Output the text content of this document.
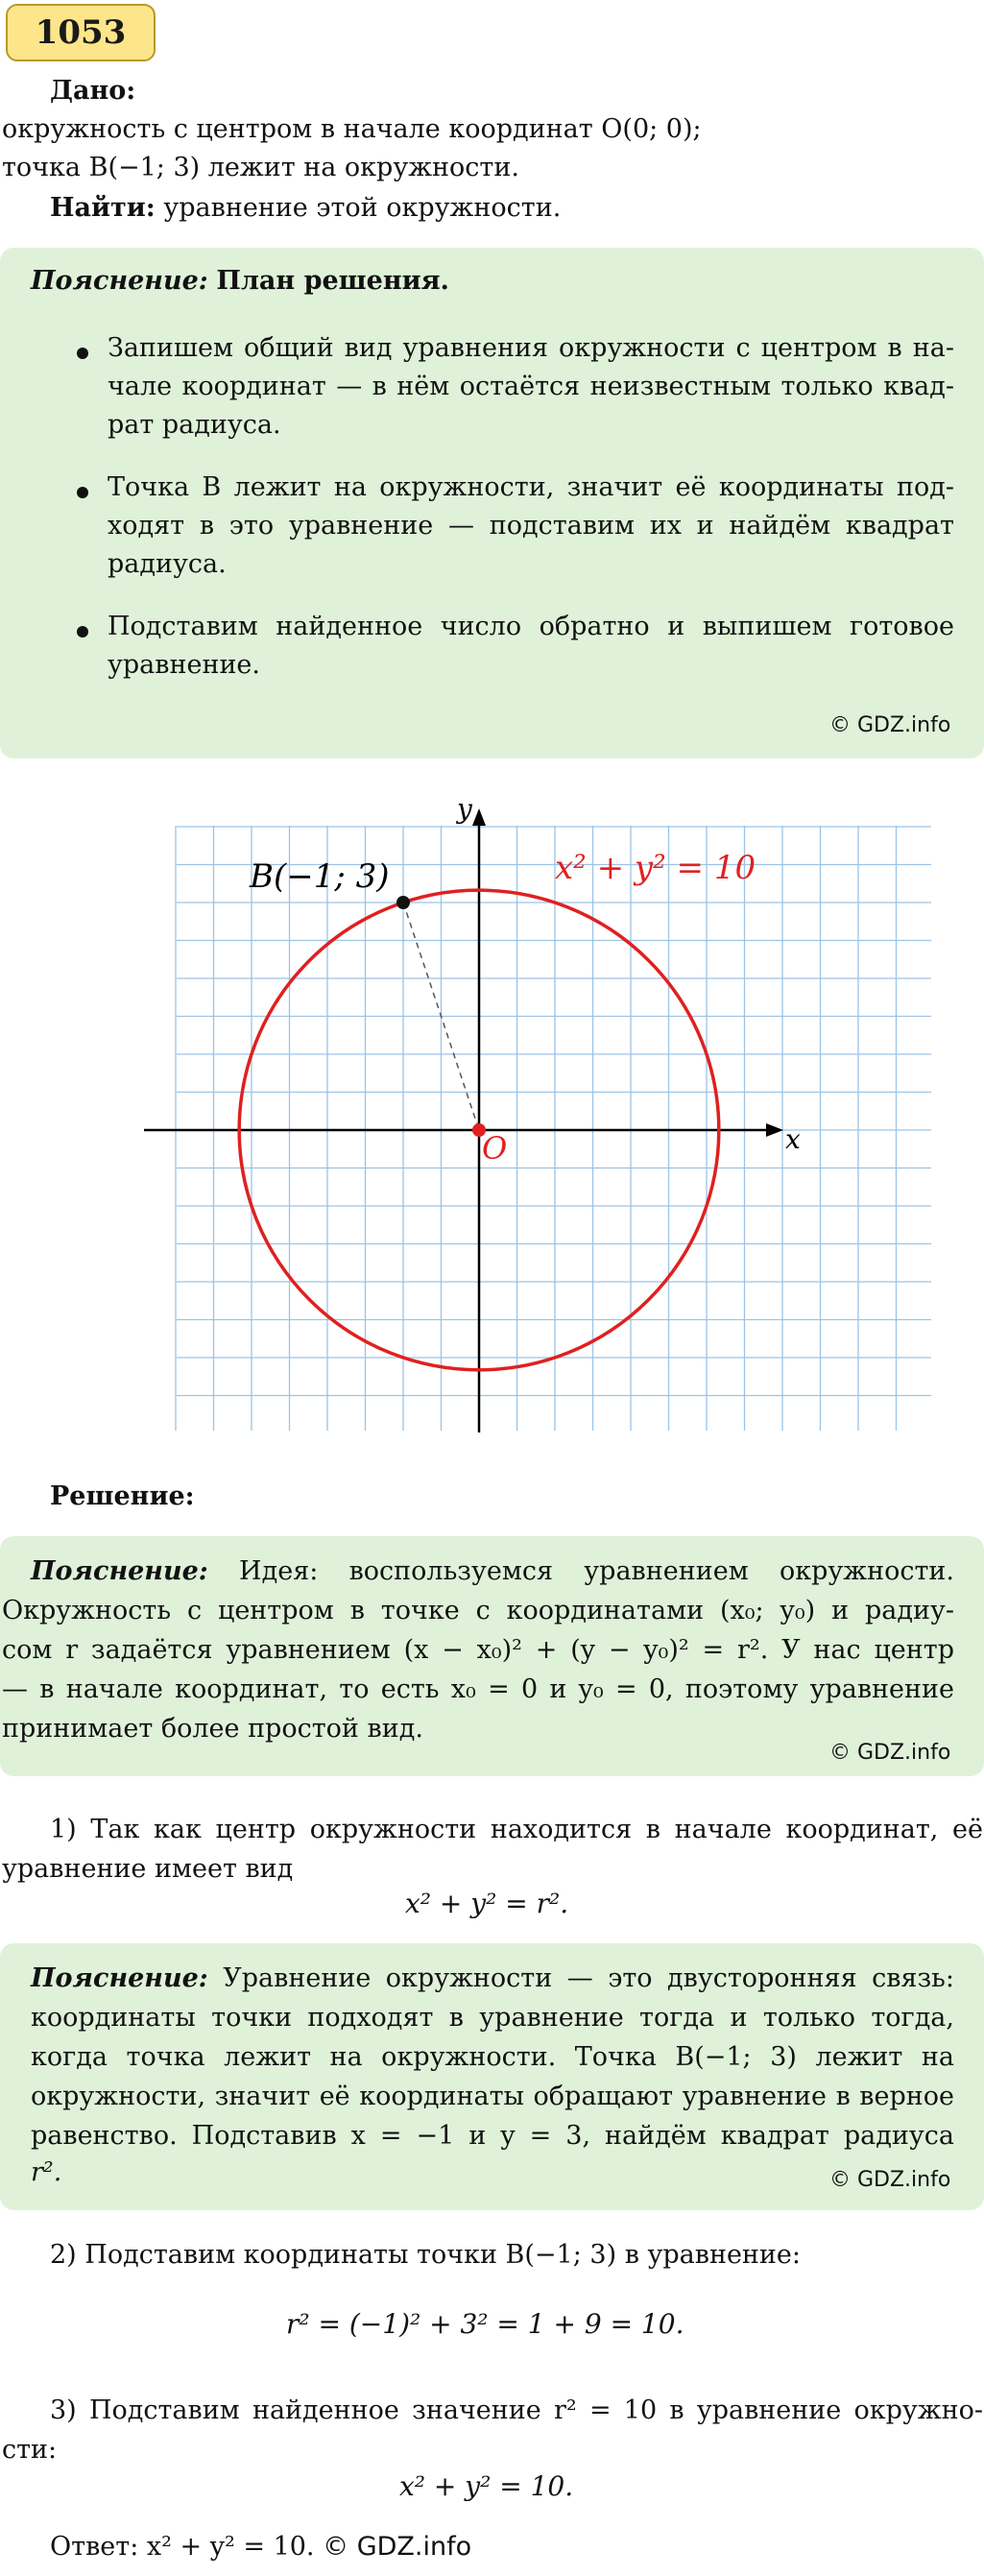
1053
Дано:
окружность с центром в начале координат O(0; 0);
точка B(−1; 3) лежит на окружности.
Найти: уравнение этой окружности.
Пояснение: План решения.
Запишем общий вид уравнения окружности с центром в на-
чале координат — в нём остаётся неизвестным только квад-
рат радиуса.
Точка B лежит на окружности, значит её координаты под-
ходят в это уравнение — подставим их и найдём квадрат
радиуса.
Подставим найденное число обратно и выпишем готовое
уравнение.
© GDZ.info
x
y
O
B(−1; 3)	x² + y² = 10
Решение:
Пояснение: Идея: воспользуемся уравнением окружности.
Окружность с центром в точке с координатами (x₀; y₀) и радиу-
сом r задаётся уравнением (x − x₀)² + (y − y₀)² = r². У нас центр
— в начале координат, то есть x₀ = 0 и y₀ = 0, поэтому уравнение
принимает более простой вид.
© GDZ.info
1) Так как центр окружности находится в начале координат, её
уравнение имеет вид
x² + y² = r².
Пояснение: Уравнение окружности — это двусторонняя связь:
координаты точки подходят в уравнение тогда и только тогда,
когда точка лежит на окружности. Точка B(−1; 3) лежит на
окружности, значит её координаты обращают уравнение в верное
равенство. Подставив x = −1 и y = 3, найдём квадрат радиуса
r².	© GDZ.info
2) Подставим координаты точки B(−1; 3) в уравнение:
r² = (−1)² + 3² = 1 + 9 = 10.
3) Подставим найденное значение r² = 10 в уравнение окружно-
сти:
x² + y² = 10.
Ответ: x² + y² = 10. © GDZ.info
